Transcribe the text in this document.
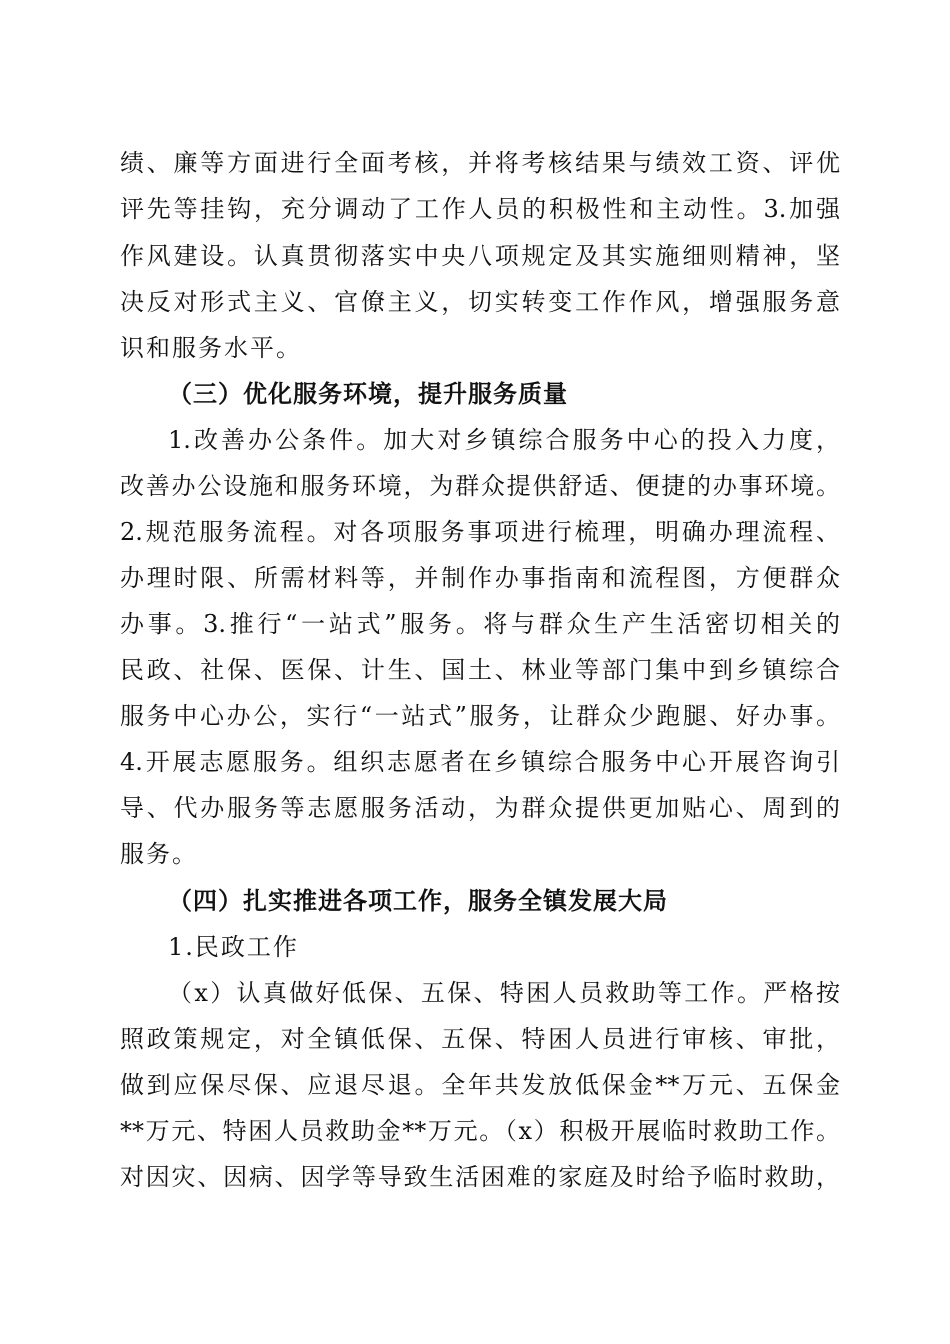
绩、廉等方面进行全面考核，并将考核结果与绩效工资、评优
评先等挂钩，充分调动了工作人员的积极性和主动性。3.加强
作风建设。认真贯彻落实中央八项规定及其实施细则精神，坚
决反对形式主义、官僚主义，切实转变工作作风，增强服务意
识和服务水平。
（三）优化服务环境，提升服务质量
1.改善办公条件。加大对乡镇综合服务中心的投入力度，
改善办公设施和服务环境，为群众提供舒适、便捷的办事环境。
2.规范服务流程。对各项服务事项进行梳理，明确办理流程、
办理时限、所需材料等，并制作办事指南和流程图，方便群众
办事。3.推行“一站式”服务。将与群众生产生活密切相关的
民政、社保、医保、计生、国土、林业等部门集中到乡镇综合
服务中心办公，实行“一站式”服务，让群众少跑腿、好办事。
4.开展志愿服务。组织志愿者在乡镇综合服务中心开展咨询引
导、代办服务等志愿服务活动，为群众提供更加贴心、周到的
服务。
（四）扎实推进各项工作，服务全镇发展大局
1.民政工作
（x）认真做好低保、五保、特困人员救助等工作。严格按
照政策规定，对全镇低保、五保、特困人员进行审核、审批，
做到应保尽保、应退尽退。全年共发放低保金**万元、五保金
**万元、特困人员救助金**万元。（x）积极开展临时救助工作。
对因灾、因病、因学等导致生活困难的家庭及时给予临时救助，
